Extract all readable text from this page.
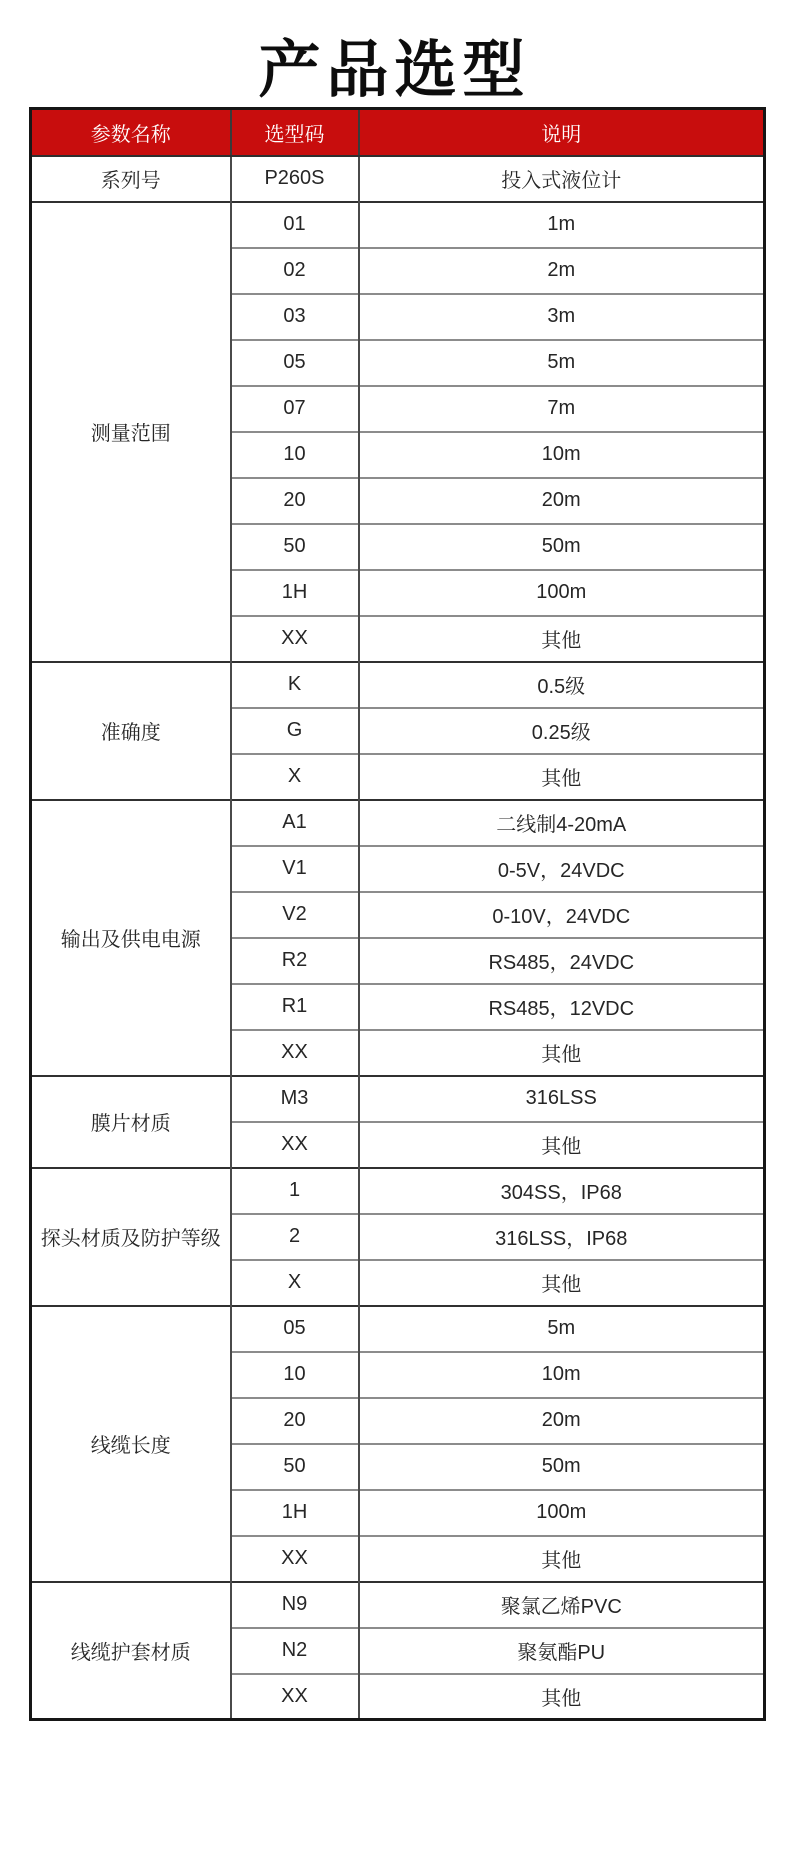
产品选型
参数名称	选型码	说明
系列号	P260S	投入式液位计
测量范围	01	1m
	02	2m
	03	3m
	05	5m
	07	7m
	10	10m
	20	20m
	50	50m
	1H	100m
	XX	其他
准确度	K	0.5级
	G	0.25级
	X	其他
输出及供电电源	A1	二线制4-20mA
	V1	0-5V，24VDC
	V2	0-10V，24VDC
	R2	RS485，24VDC
	R1	RS485，12VDC
	XX	其他
膜片材质	M3	316LSS
	XX	其他
探头材质及防护等级	1	304SS，IP68
	2	316LSS，IP68
	X	其他
线缆长度	05	5m
	10	10m
	20	20m
	50	50m
	1H	100m
	XX	其他
线缆护套材质	N9	聚氯乙烯PVC
	N2	聚氨酯PU
	XX	其他
